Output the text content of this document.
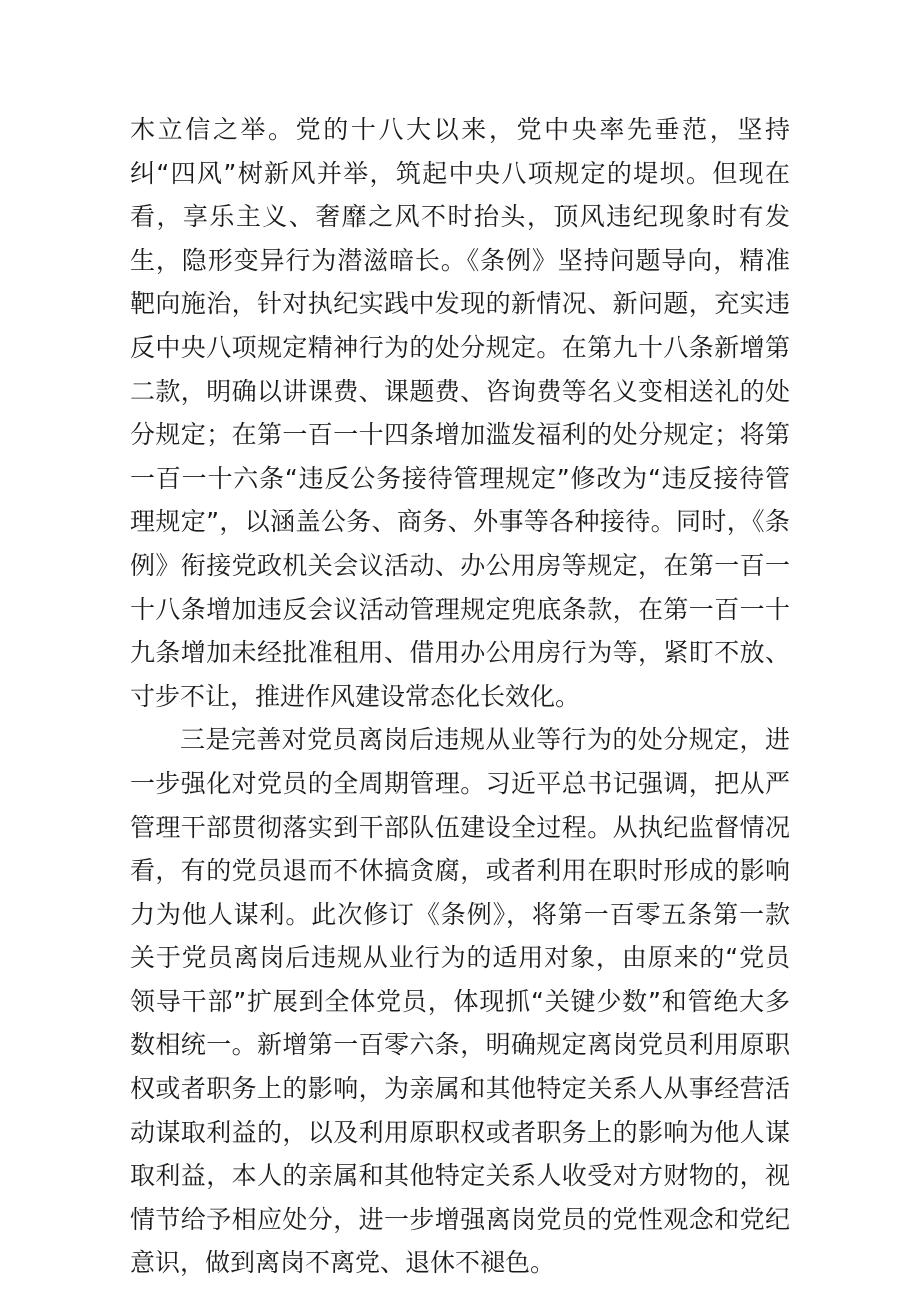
木立信之举。党的十八大以来，党中央率先垂范，坚持纠“四风”树新风并举，筑起中央八项规定的堤坝。但现在看，享乐主义、奢靡之风不时抬头，顶风违纪现象时有发生，隐形变异行为潜滋暗长。《条例》坚持问题导向，精准靶向施治，针对执纪实践中发现的新情况、新问题，充实违反中央八项规定精神行为的处分规定。在第九十八条新增第二款，明确以讲课费、课题费、咨询费等名义变相送礼的处分规定；在第一百一十四条增加滥发福利的处分规定；将第一百一十六条“违反公务接待管理规定”修改为“违反接待管理规定”，以涵盖公务、商务、外事等各种接待。同时，《条例》衔接党政机关会议活动、办公用房等规定，在第一百一十八条增加违反会议活动管理规定兜底条款，在第一百一十九条增加未经批准租用、借用办公用房行为等，紧盯不放、寸步不让，推进作风建设常态化长效化。

三是完善对党员离岗后违规从业等行为的处分规定，进一步强化对党员的全周期管理。习近平总书记强调，把从严管理干部贯彻落实到干部队伍建设全过程。从执纪监督情况看，有的党员退而不休搞贪腐，或者利用在职时形成的影响力为他人谋利。此次修订《条例》，将第一百零五条第一款关于党员离岗后违规从业行为的适用对象，由原来的“党员领导干部”扩展到全体党员，体现抓“关键少数”和管绝大多数相统一。新增第一百零六条，明确规定离岗党员利用原职权或者职务上的影响，为亲属和其他特定关系人从事经营活动谋取利益的，以及利用原职权或者职务上的影响为他人谋取利益，本人的亲属和其他特定关系人收受对方财物的，视情节给予相应处分，进一步增强离岗党员的党性观念和党纪意识，做到离岗不离党、退休不褪色。
